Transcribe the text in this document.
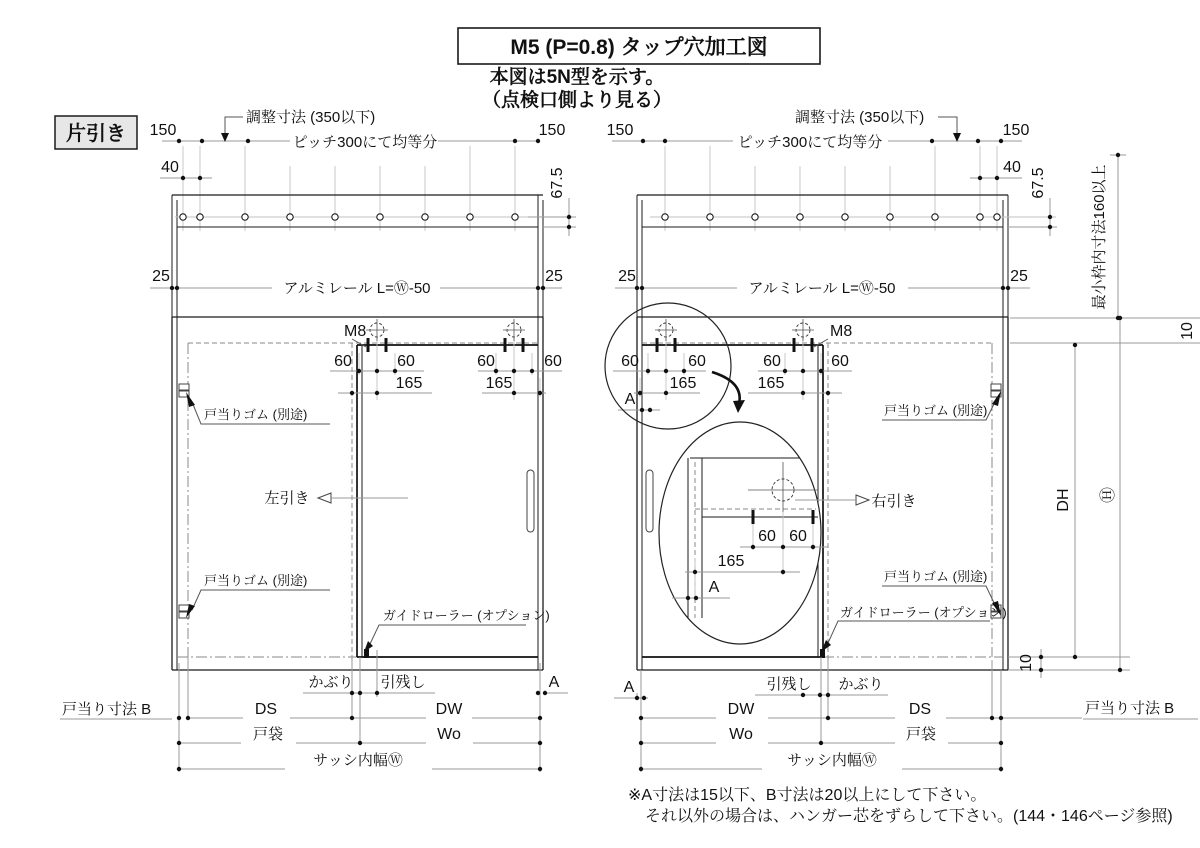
M5 (P=0.8) タップ穴加工図
本図は5N型を示す。
（点検口側より見る）
片引き 150	150
40
調整寸法 (350以下)
ピッチ300にて均等分
67.5
25	25
アルミレール L=Ⓦ-50
M8
60	60
165
60	60
165
戸当りゴム (別途)
戸当りゴム (別途)
左引き
ガイドローラー (オプション)
かぶり 引残し	A
戸当り寸法 B	DS	DW
戸袋	Wo
サッシ内幅Ⓦ
150	150
調整寸法 (350以下)
ピッチ300にて均等分
40 67.5
25	25
アルミレール L=Ⓦ-50
M8
60	60
165
60	60
165
A
60 60
165
A
右引き
戸当りゴム (別途)
戸当りゴム (別途)
ガイドローラー (オプション)
A	引残し かぶり
DW	DS	戸当り寸法 B
Wo	戸袋
サッシ内幅Ⓦ
最小枠内寸法160以上
10
DH Ⓗ
10
※A寸法は15以下、B寸法は20以上にして下さい。
それ以外の場合は、ハンガー芯をずらして下さい。(144・146ページ参照)
